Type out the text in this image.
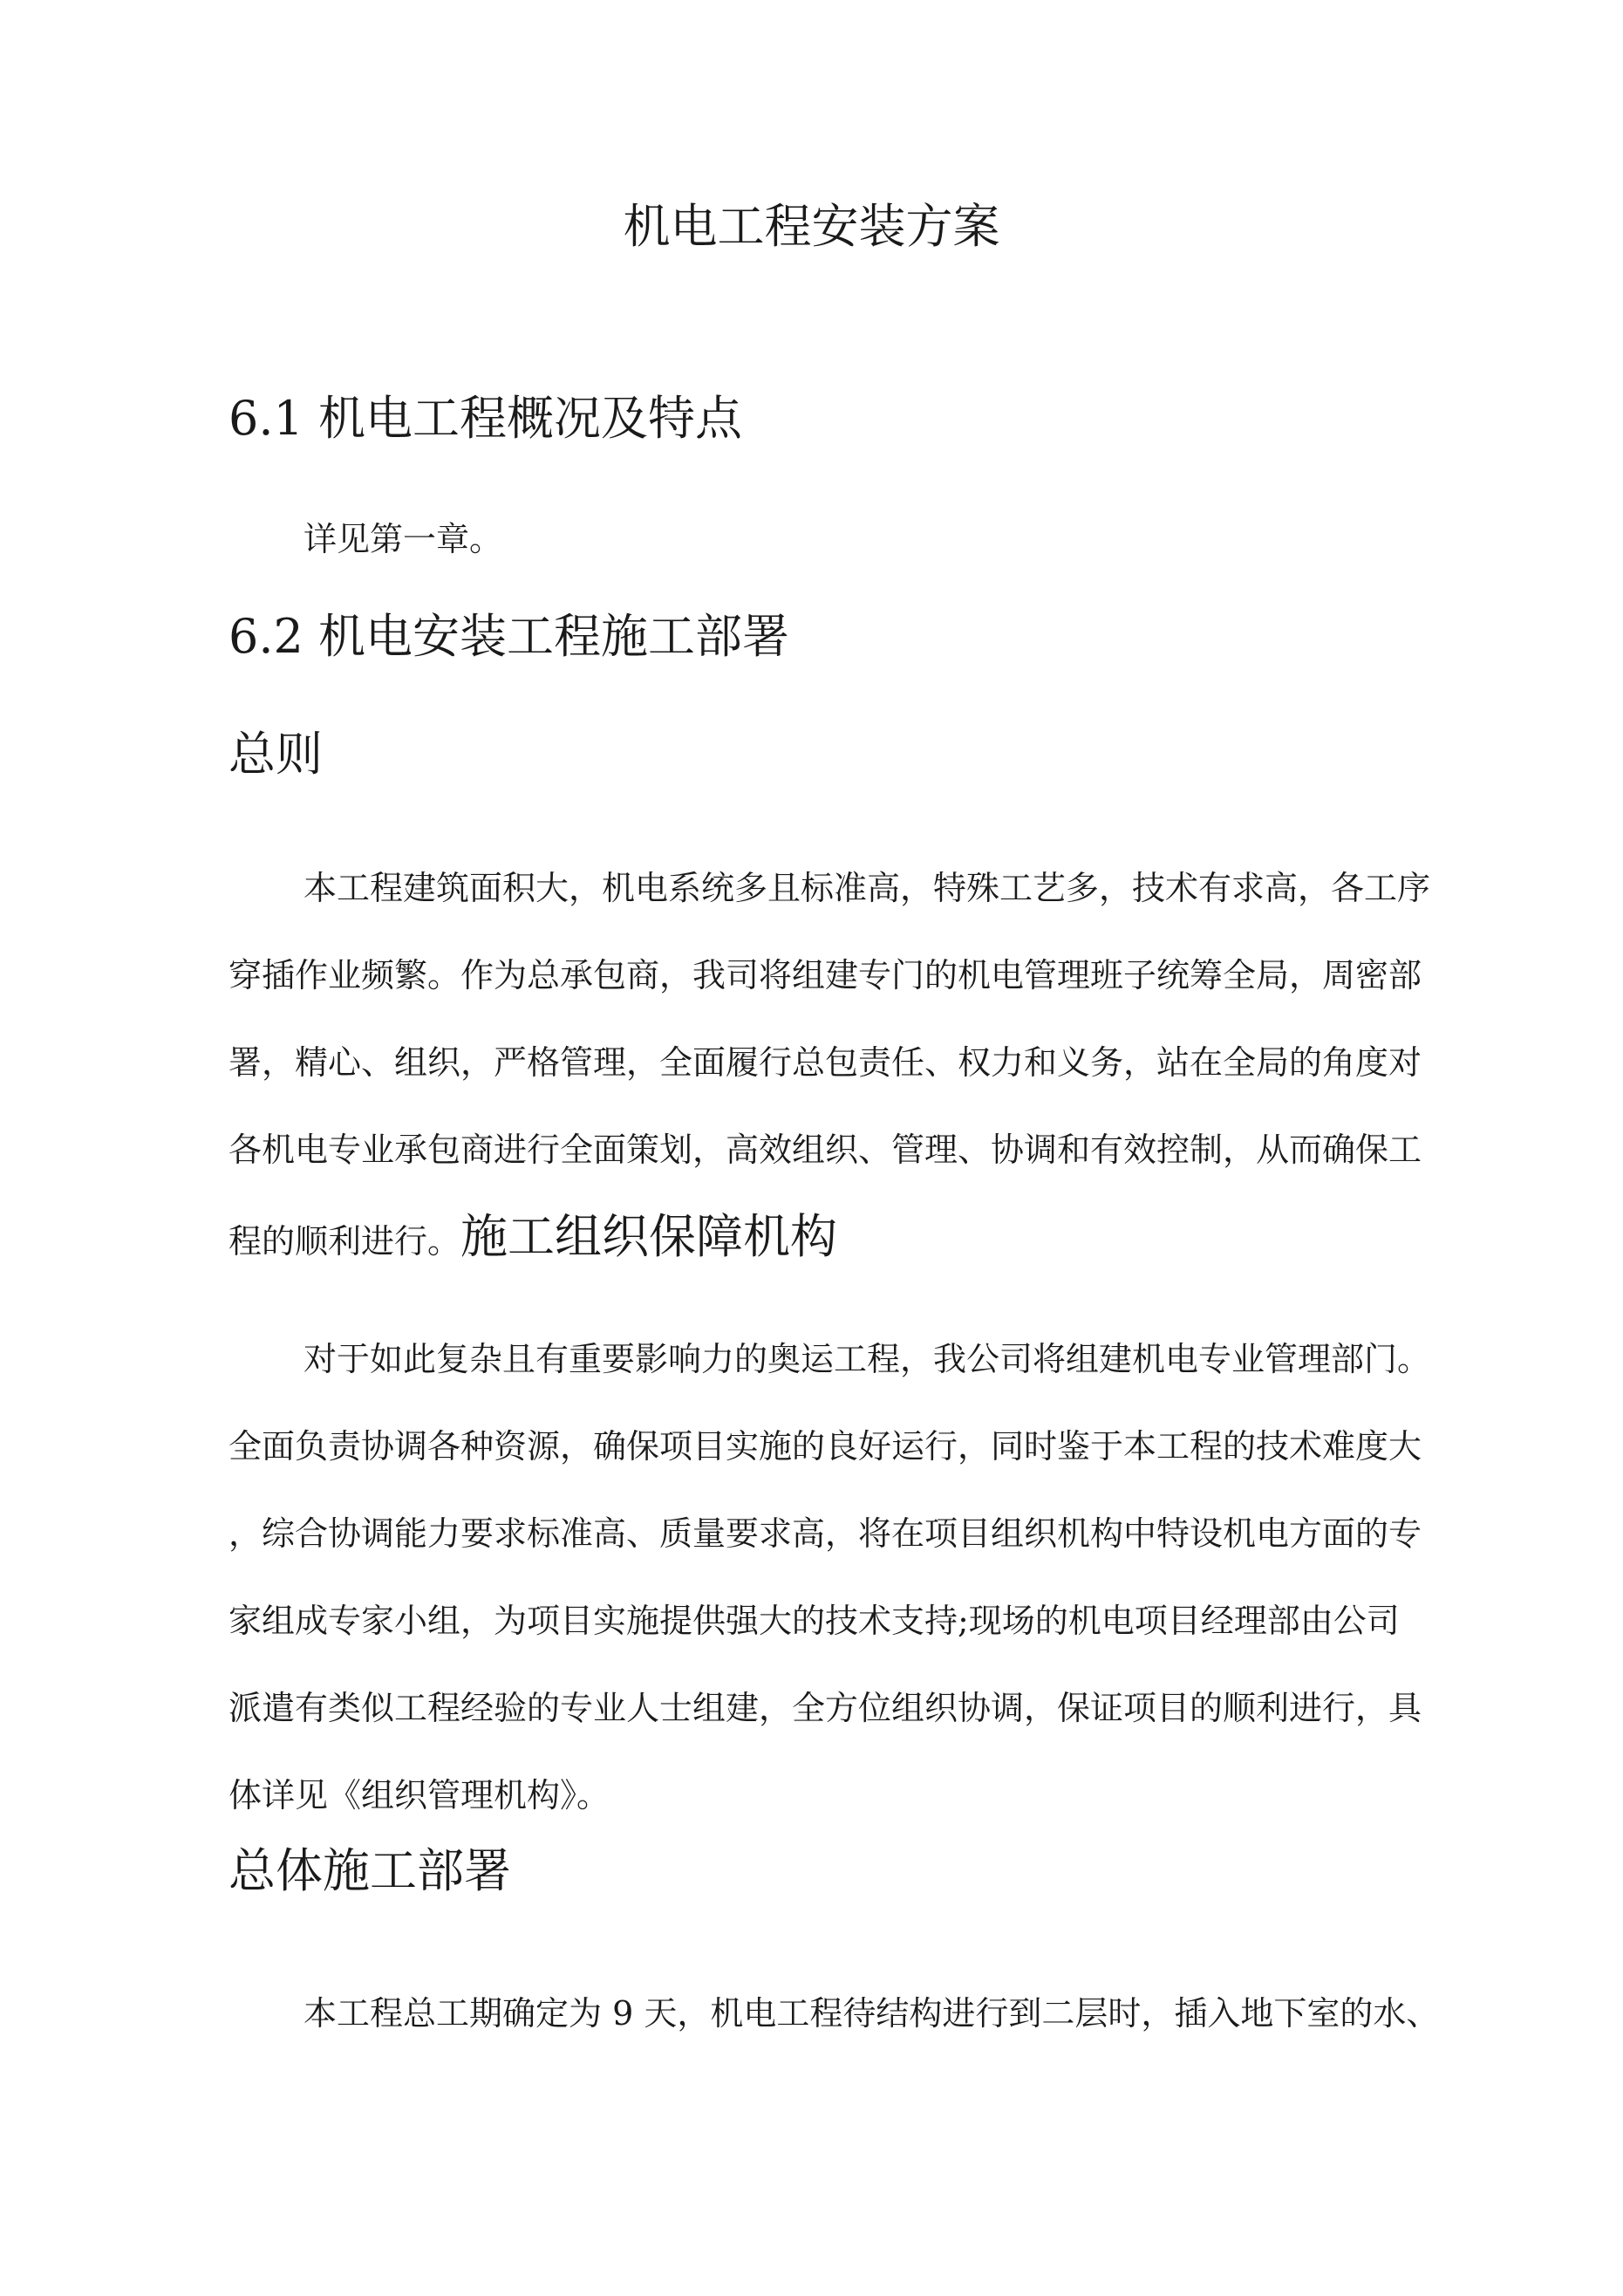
机电工程安装方案
6.1 机电工程概况及特点
详见第一章。
6.2 机电安装工程施工部署
总则
本工程建筑面积大，机电系统多且标准高，特殊工艺多，技术有求高，各工序
穿插作业频繁。作为总承包商，我司将组建专门的机电管理班子统筹全局，周密部
署，精心、组织，严格管理，全面履行总包责任、权力和义务，站在全局的角度对
各机电专业承包商进行全面策划，高效组织、管理、协调和有效控制，从而确保工
程的顺利进行。施工组织保障机构
对于如此复杂且有重要影响力的奥运工程，我公司将组建机电专业管理部门。
全面负责协调各种资源，确保项目实施的良好运行，同时鉴于本工程的技术难度大
，综合协调能力要求标准高、质量要求高，将在项目组织机构中特设机电方面的专
家组成专家小组，为项目实施提供强大的技术支持;现场的机电项目经理部由公司
派遣有类似工程经验的专业人士组建，全方位组织协调，保证项目的顺利进行，具
体详见《组织管理机构》。
总体施工部署
本工程总工期确定为 9 天，机电工程待结构进行到二层时，插入地下室的水、
